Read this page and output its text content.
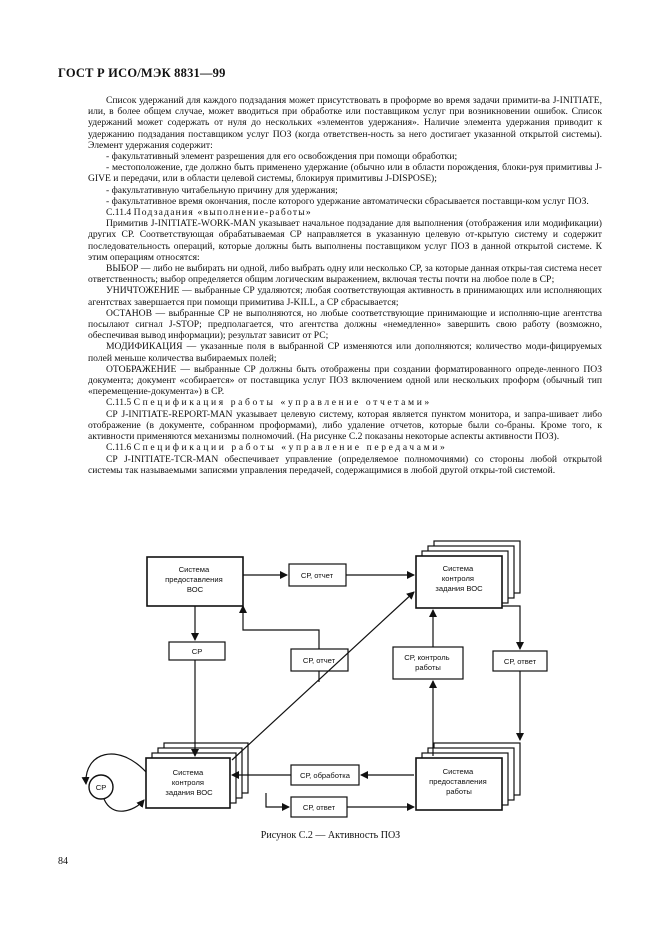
ГОСТ Р ИСО/МЭК 8831—99

Список удержаний для каждого подзадания может присутствовать в проформе во время задачи примити-ва J-INITIATE, или, в более общем случае, может вводиться при обработке или поставщиком услуг при возникновении ошибок. Список удержаний может содержать от нуля до нескольких «элементов удержания». Наличие элемента удержания приводит к удержанию подзадания поставщиком услуг ПОЗ (когда ответствен-ность за него достигает указанной открытой системы). Элемент удержания содержит:

- факультативный элемент разрешения для его освобождения при помощи обработки;

- местоположение, где должно быть применено удержание (обычно или в области порождения, блоки-руя примитивы J-GIVE и передачи, или в области целевой системы, блокируя примитивы J-DISPOSE);

- факультативную читабельную причину для удержания;

- факультативное время окончания, после которого удержание автоматически сбрасывается поставщи-ком услуг ПОЗ.

С.11.4 Подзадания «выполнение-работы»

Примитив J-INITIATE-WORK-MAN указывает начальное подзадание для выполнения (отображения или модификации) других СР. Соответствующая обрабатываемая СР направляется в указанную целевую от-крытую систему и содержит последовательность операций, которые должны быть выполнены поставщиком услуг ПОЗ в данной открытой системе. К этим операциям относятся:

ВЫБОР — либо не выбирать ни одной, либо выбрать одну или несколько СР, за которые данная откры-тая система несет ответственность; выбор определяется общим логическим выражением, включая тесты почти на любое поле в СР;

УНИЧТОЖЕНИЕ — выбранные СР удаляются; любая соответствующая активность в принимающих или исполняющих агентствах завершается при помощи примитива J-KILL, а СР сбрасывается;

ОСТАНОВ — выбранные СР не выполняются, но любые соответствующие принимающие и исполняю-щие агентства посылают сигнал J-STOP; предполагается, что агентства должны «немедленно» завершить свою работу (возможно, обеспечивая вывод информации); результат зависит от РС;

МОДИФИКАЦИЯ — указанные поля в выбранной СР изменяются или дополняются; количество моди-фицируемых полей меньше количества выбираемых полей;

ОТОБРАЖЕНИЕ — выбранные СР должны быть отображены при создании форматированного опреде-ленного ПОЗ документа; документ «собирается» от поставщика услуг ПОЗ включением одной или нескольких проформ (обычный тип «перемещение-документа») в СР.

С.11.5 Спецификация работы «управление отчетами»

СР J-INITIATE-REPORT-MAN указывает целевую систему, которая является пунктом монитора, и запра-шивает либо отображение (в документе, собранном проформами), либо удаление отчетов, которые были со-браны. Кроме того, к активности применяются механизмы полномочий. (На рисунке С.2 показаны некоторые аспекты активности ПОЗ).

С.11.6 Спецификации работы «управление передачами»

СР J-INITIATE-TCR-MAN обеспечивает управление (определяемое полномочиями) со стороны любой открытой системы так называемыми записями управления передачей, содержащимися в любой другой откры-той системой.

Система предоставления ВОС
СР, отчет
Система контроля задания ВОС
СР
СР, отчет	СР, контроль работы
СР, ответ
Система контроля задания ВОС
Система предоставления работы
СР, обработка
СР, ответ
СР
Рисунок С.2 — Активность ПОЗ
84
